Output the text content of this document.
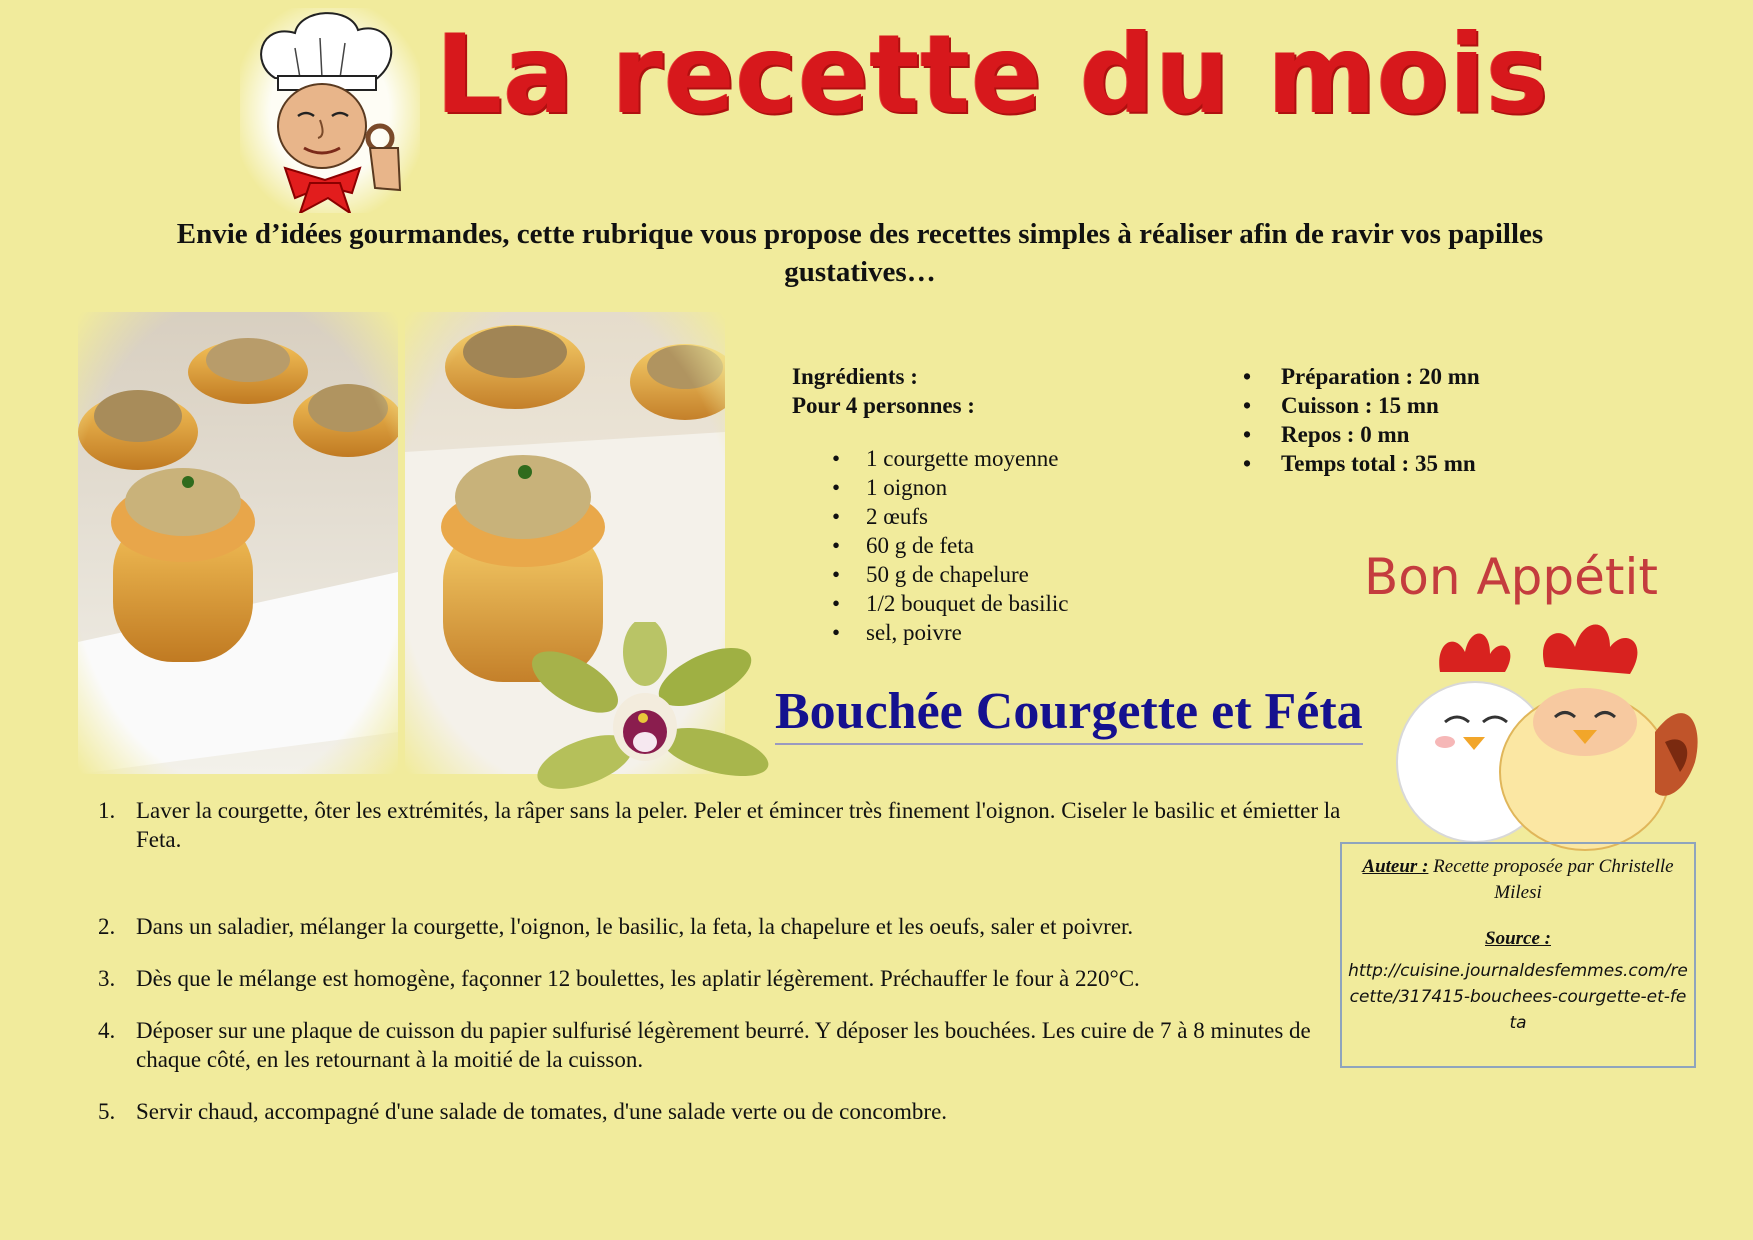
La recette du mois
Envie d’idées gourmandes, cette rubrique vous propose des recettes simples à réaliser afin de ravir vos papilles gustatives…
Ingrédients :
Pour 4 personnes :
• 1 courgette moyenne
• 1 oignon
• 2 œufs
• 60 g de feta
• 50 g de chapelure
• 1/2 bouquet de basilic
• sel, poivre
• Préparation : 20 mn
• Cuisson : 15 mn
• Repos : 0 mn
• Temps total : 35 mn
Bon Appétit
Bouchée Courgette et Féta
1. Laver la courgette, ôter les extrémités, la râper sans la peler. Peler et émincer très finement l'oignon. Ciseler le basilic et émietter la Feta.
2. Dans un saladier, mélanger la courgette, l'oignon, le basilic, la feta, la chapelure et les oeufs, saler et poivrer.
3. Dès que le mélange est homogène, façonner 12 boulettes, les aplatir légèrement. Préchauffer le four à 220°C.
4. Déposer sur une plaque de cuisson du papier sulfurisé légèrement beurré. Y déposer les bouchées. Les cuire de 7 à 8 minutes de chaque côté, en les retournant à la moitié de la cuisson.
5. Servir chaud, accompagné d'une salade de tomates, d'une salade verte ou de concombre.
Auteur : Recette proposée par Christelle Milesi
Source :
http://cuisine.journaldesfemmes.com/recette/317415-bouchees-courgette-et-feta
